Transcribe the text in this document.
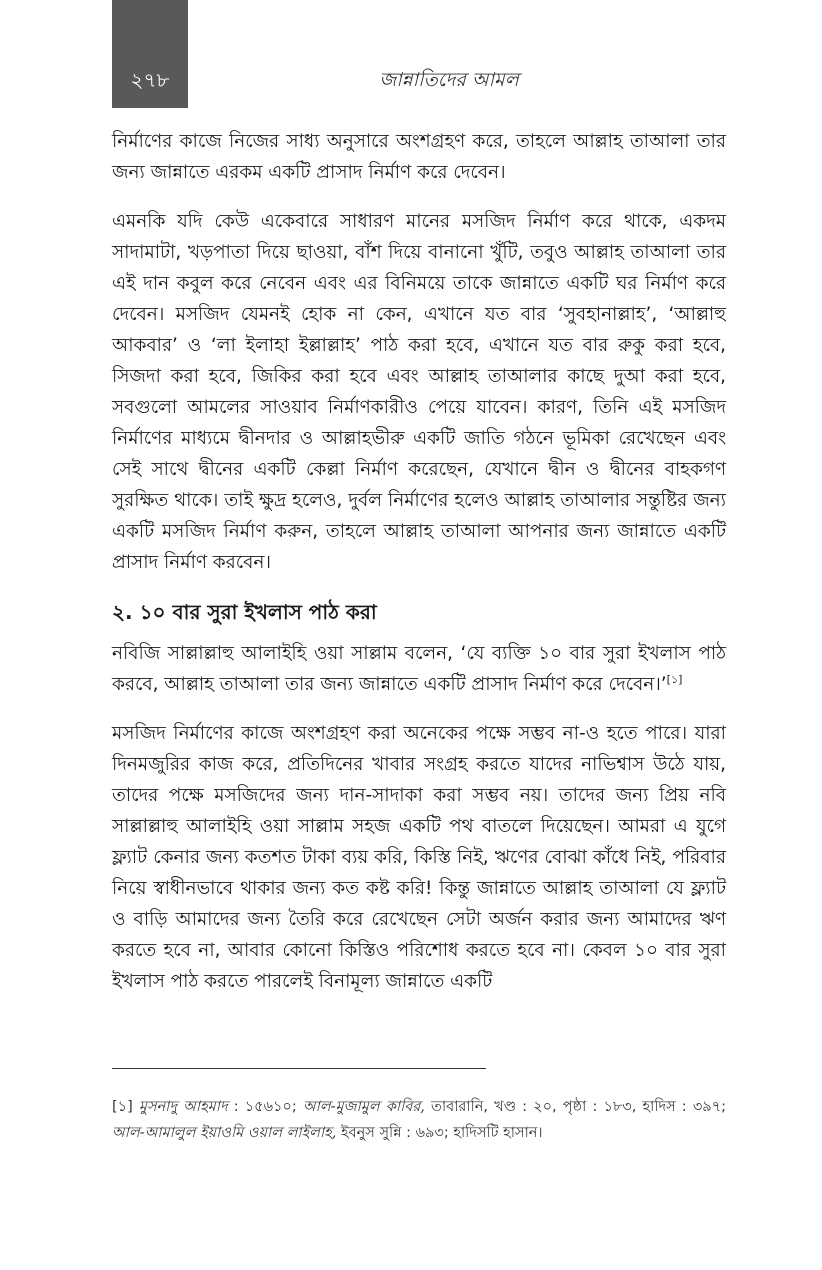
২৭৮	জান্নাতিদের আমল

নির্মাণের কাজে নিজের সাধ্য অনুসারে অংশগ্রহণ করে, তাহলে আল্লাহ তাআলা তার জন্য জান্নাতে এরকম একটি প্রাসাদ নির্মাণ করে দেবেন।

এমনকি যদি কেউ একেবারে সাধারণ মানের মসজিদ নির্মাণ করে থাকে, একদম সাদামাটা, খড়পাতা দিয়ে ছাওয়া, বাঁশ দিয়ে বানানো খুঁটি, তবুও আল্লাহ তাআলা তার এই দান কবুল করে নেবেন এবং এর বিনিময়ে তাকে জান্নাতে একটি ঘর নির্মাণ করে দেবেন। মসজিদ যেমনই হোক না কেন, এখানে যত বার ‘সুবহানাল্লাহ’, ‘আল্লাহু আকবার’ ও ‘লা ইলাহা ইল্লাল্লাহ’ পাঠ করা হবে, এখানে যত বার রুকু করা হবে, সিজদা করা হবে, জিকির করা হবে এবং আল্লাহ তাআলার কাছে দুআ করা হবে, সবগুলো আমলের সাওয়াব নির্মাণকারীও পেয়ে যাবেন। কারণ, তিনি এই মসজিদ নির্মাণের মাধ্যমে দ্বীনদার ও আল্লাহভীরু একটি জাতি গঠনে ভূমিকা রেখেছেন এবং সেই সাথে দ্বীনের একটি কেল্লা নির্মাণ করেছেন, যেখানে দ্বীন ও দ্বীনের বাহকগণ সুরক্ষিত থাকে। তাই ক্ষুদ্র হলেও, দুর্বল নির্মাণের হলেও আল্লাহ তাআলার সন্তুষ্টির জন্য একটি মসজিদ নির্মাণ করুন, তাহলে আল্লাহ তাআলা আপনার জন্য জান্নাতে একটি প্রাসাদ নির্মাণ করবেন।

২. ১০ বার সুরা ইখলাস পাঠ করা

নবিজি সাল্লাল্লাহু আলাইহি ওয়া সাল্লাম বলেন, ‘যে ব্যক্তি ১০ বার সুরা ইখলাস পাঠ করবে, আল্লাহ তাআলা তার জন্য জান্নাতে একটি প্রাসাদ নির্মাণ করে দেবেন।’[১]

মসজিদ নির্মাণের কাজে অংশগ্রহণ করা অনেকের পক্ষে সম্ভব না-ও হতে পারে। যারা দিনমজুরির কাজ করে, প্রতিদিনের খাবার সংগ্রহ করতে যাদের নাভিশ্বাস উঠে যায়, তাদের পক্ষে মসজিদের জন্য দান-সাদাকা করা সম্ভব নয়। তাদের জন্য প্রিয় নবি সাল্লাল্লাহু আলাইহি ওয়া সাল্লাম সহজ একটি পথ বাতলে দিয়েছেন। আমরা এ যুগে ফ্ল্যাট কেনার জন্য কতশত টাকা ব্যয় করি, কিস্তি নিই, ঋণের বোঝা কাঁধে নিই, পরিবার নিয়ে স্বাধীনভাবে থাকার জন্য কত কষ্ট করি! কিন্তু জান্নাতে আল্লাহ তাআলা যে ফ্ল্যাট ও বাড়ি আমাদের জন্য তৈরি করে রেখেছেন সেটা অর্জন করার জন্য আমাদের ঋণ করতে হবে না, আবার কোনো কিস্তিও পরিশোধ করতে হবে না। কেবল ১০ বার সুরা ইখলাস পাঠ করতে পারলেই বিনামূল্য জান্নাতে একটি

[১] মুসনাদু আহমাদ : ১৫৬১০; আল-মুজামুল কাবির, তাবারানি, খণ্ড : ২০, পৃষ্ঠা : ১৮৩, হাদিস : ৩৯৭; আল-আমালুল ইয়াওমি ওয়াল লাইলাহ, ইবনুস সুন্নি : ৬৯৩; হাদিসটি হাসান।
